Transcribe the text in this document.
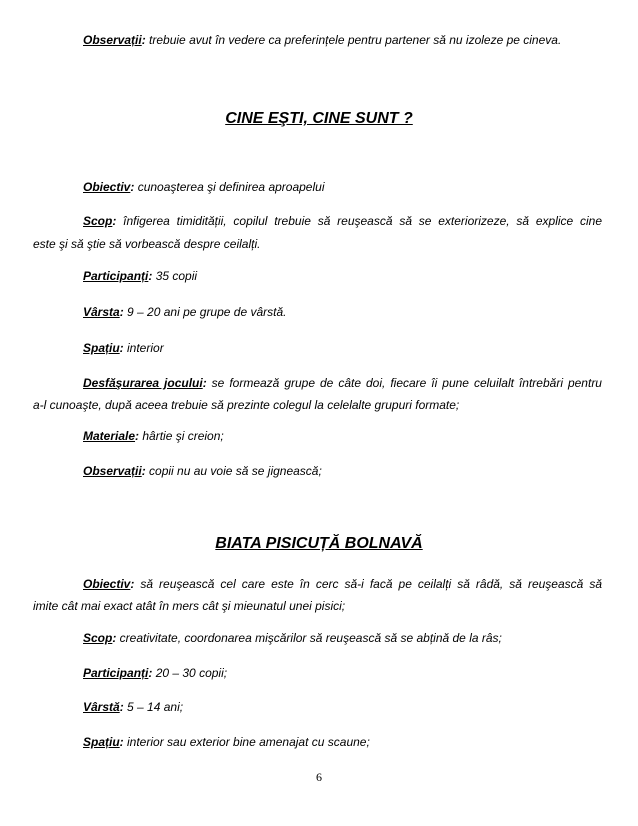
Observații: trebuie avut în vedere ca preferințele pentru partener să nu izoleze pe cineva.
CINE EŞTI, CINE SUNT ?
Obiectiv: cunoaşterea şi definirea aproapelui
Scop: înfigerea timidității, copilul trebuie să reuşească să se exteriorizeze, să explice cine
este şi să ştie să vorbească despre ceilalți.
Participanți: 35 copii
Vârsta: 9 – 20 ani pe grupe de vârstă.
Spațiu: interior
Desfăşurarea jocului: se formează grupe de câte doi, fiecare îi pune celuilalt întrebări pentru
a-l cunoaşte, după aceea trebuie să prezinte colegul la celelalte grupuri formate;
Materiale: hârtie şi creion;
Observații: copii nu au voie să se jignească;
BIATA PISICUȚĂ BOLNAVĂ
Obiectiv: să reuşească cel care este în cerc să-i facă pe ceilalți să râdă, să reuşească să
imite cât mai exact atât în mers cât şi mieunatul unei pisici;
Scop: creativitate, coordonarea mişcărilor să reuşească să se abțină de la râs;
Participanți: 20 – 30 copii;
Vârstă: 5 – 14 ani;
Spațiu: interior sau exterior bine amenajat cu scaune;
6
